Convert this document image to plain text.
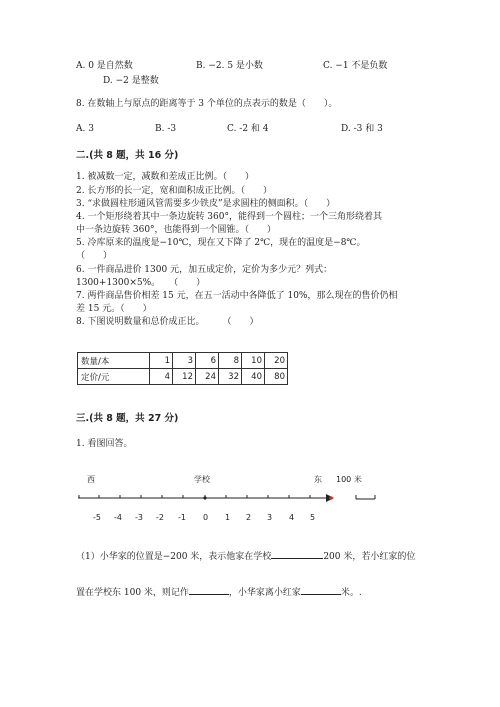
A. 0 是自然数	B. −2. 5 是小数	C. −1 不是负数
D. −2 是整数
8. 在数轴上与原点的距离等于 3 个单位的点表示的数是（　　）。
A. 3	B. -3	C. -2 和 4	D. -3 和 3
二.(共 8 题，共 16 分)
1. 被减数一定，减数和差成正比例。（　　）
2. 长方形的长一定，宽和面积成正比例。（　　）
3. “求做圆柱形通风管需要多少铁皮”是求圆柱的侧面积。（　　）
4. 一个矩形绕着其中一条边旋转 360°，能得到一个圆柱；一个三角形绕着其
中一条边旋转 360°，也能得到一个圆锥。（　　）
5. 冷库原来的温度是−10℃，现在又下降了 2℃，现在的温度是−8℃。
（　　）
6. 一件商品进价 1300 元，加五成定价，定价为多少元？列式：
1300+1300×5%。　　（　　）
7. 两件商品售价相差 15 元，在五一活动中各降低了 10%，那么现在的售价仍相
差 15 元。（　　）
8. 下图说明数量和总价成正比。　　　（　　）
数量/本	1	3	6	8	10	20
定价/元	4	12	24	32	40	80
三.(共 8 题，共 27 分)
1. 看图回答。
西	学校	东 100 米
-5 -4 -3 -2 -1 0 1 2 3 4 5
（1）小华家的位置是−200 米，表示他家在学校	200 米，若小红家的位
置在学校东 100 米，则记作	，小华家离小红家	米。.
